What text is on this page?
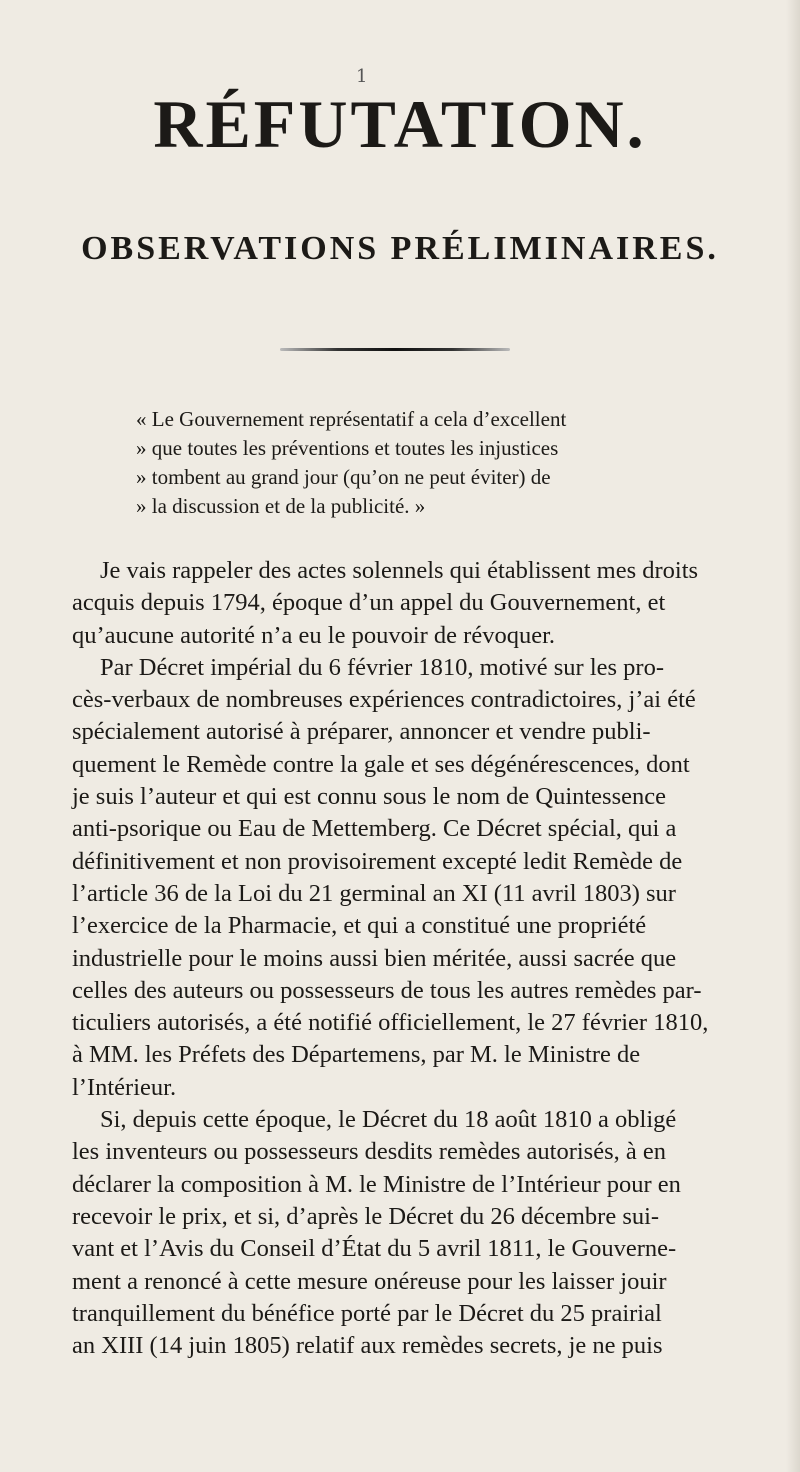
1
RÉFUTATION.
OBSERVATIONS PRÉLIMINAIRES.
« Le Gouvernement représentatif a cela d’excellent
» que toutes les préventions et toutes les injustices
» tombent au grand jour (qu’on ne peut éviter) de
» la discussion et de la publicité. »
Je vais rappeler des actes solennels qui établissent mes droits
acquis depuis 1794, époque d’un appel du Gouvernement, et
qu’aucune autorité n’a eu le pouvoir de révoquer.
Par Décret impérial du 6 février 1810, motivé sur les pro-
cès-verbaux de nombreuses expériences contradictoires, j’ai été
spécialement autorisé à préparer, annoncer et vendre publi-
quement le Remède contre la gale et ses dégénérescences, dont
je suis l’auteur et qui est connu sous le nom de Quintessence
anti-psorique ou Eau de Mettemberg. Ce Décret spécial, qui a
définitivement et non provisoirement excepté ledit Remède de
l’article 36 de la Loi du 21 germinal an XI (11 avril 1803) sur
l’exercice de la Pharmacie, et qui a constitué une propriété
industrielle pour le moins aussi bien méritée, aussi sacrée que
celles des auteurs ou possesseurs de tous les autres remèdes par-
ticuliers autorisés, a été notifié officiellement, le 27 février 1810,
à MM. les Préfets des Départemens, par M. le Ministre de
l’Intérieur.
Si, depuis cette époque, le Décret du 18 août 1810 a obligé
les inventeurs ou possesseurs desdits remèdes autorisés, à en
déclarer la composition à M. le Ministre de l’Intérieur pour en
recevoir le prix, et si, d’après le Décret du 26 décembre sui-
vant et l’Avis du Conseil d’État du 5 avril 1811, le Gouverne-
ment a renoncé à cette mesure onéreuse pour les laisser jouir
tranquillement du bénéfice porté par le Décret du 25 prairial
an XIII (14 juin 1805) relatif aux remèdes secrets, je ne puis
